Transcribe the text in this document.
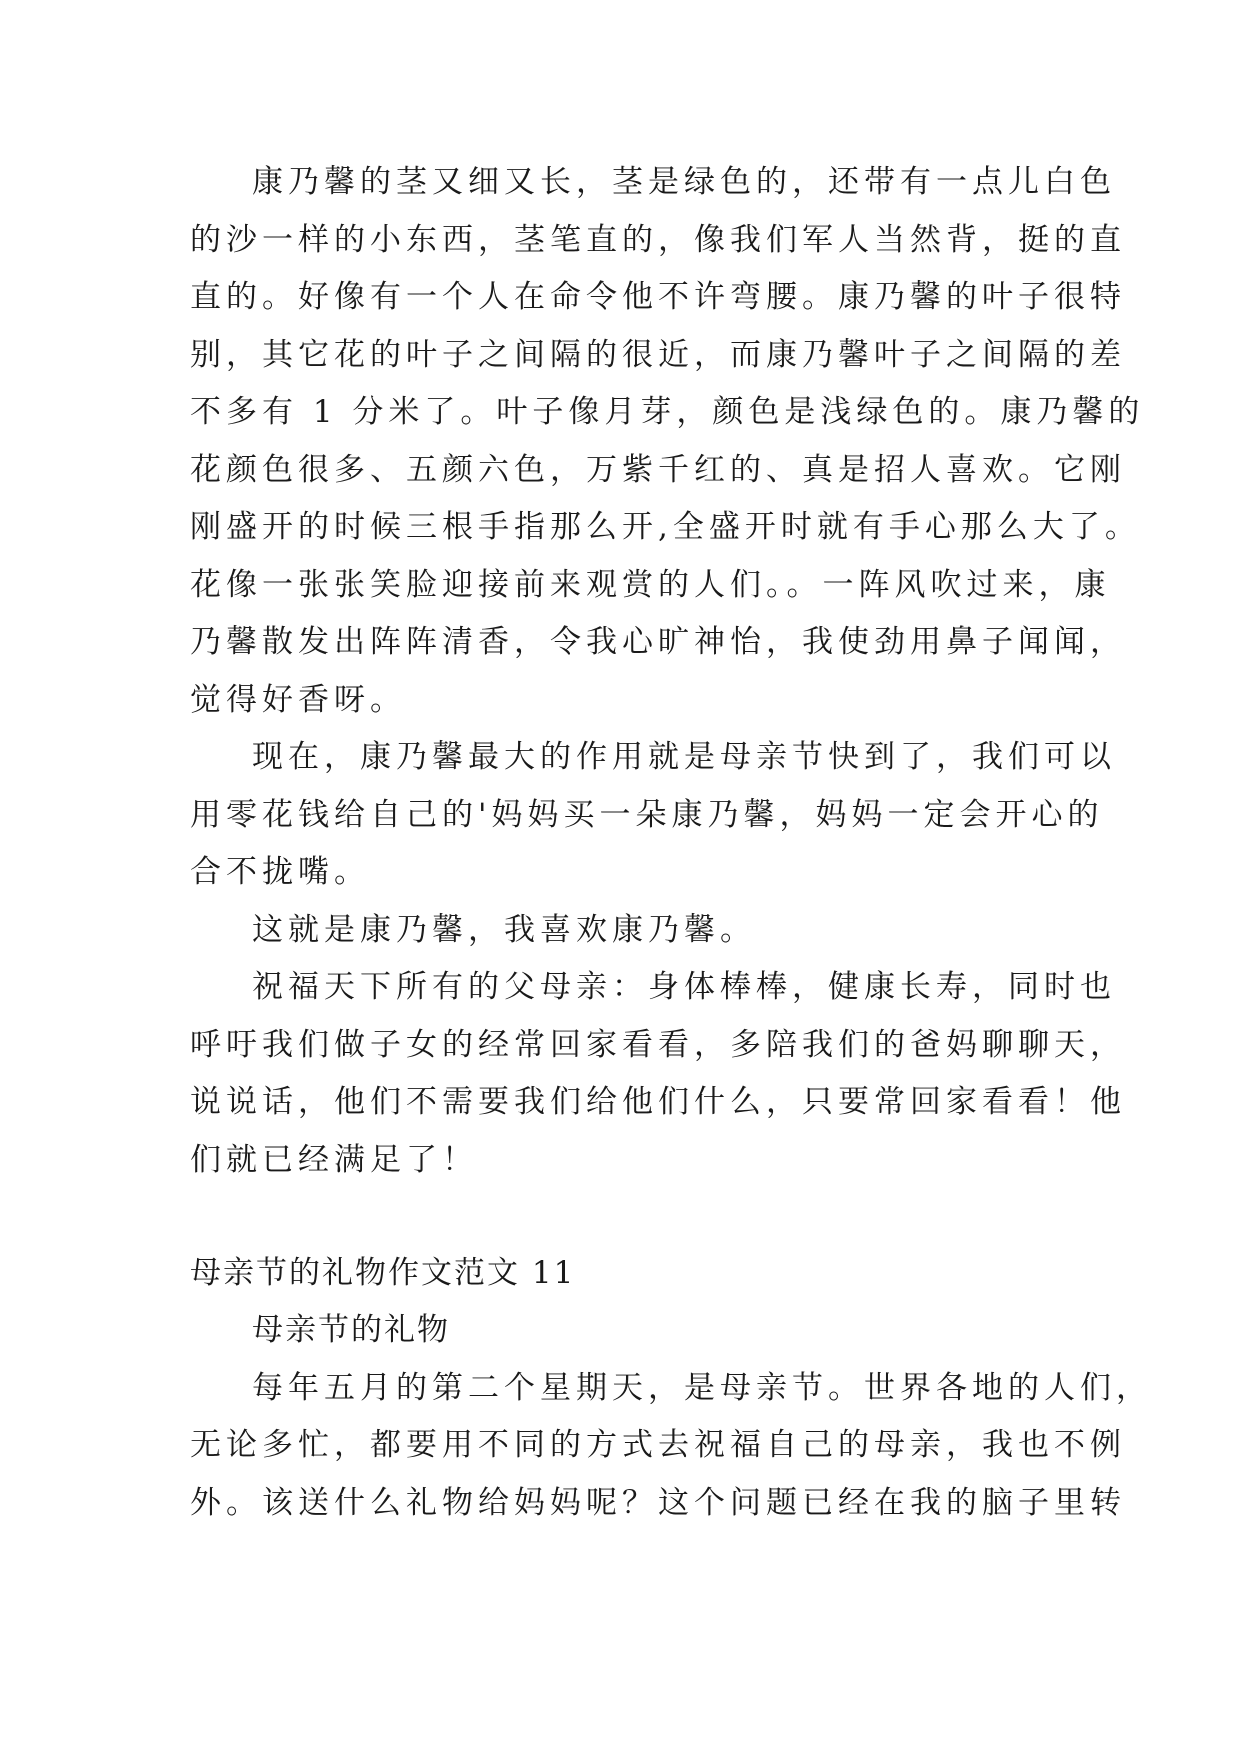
康乃馨的茎又细又长，茎是绿色的，还带有一点儿白色
的沙一样的小东西，茎笔直的，像我们军人当然背，挺的直
直的。好像有一个人在命令他不许弯腰。康乃馨的叶子很特
别，其它花的叶子之间隔的很近，而康乃馨叶子之间隔的差
不多有 1 分米了。叶子像月芽，颜色是浅绿色的。康乃馨的
花颜色很多、五颜六色，万紫千红的、真是招人喜欢。它刚
刚盛开的时候三根手指那么开,全盛开时就有手心那么大了。
花像一张张笑脸迎接前来观赏的人们。。一阵风吹过来，康
乃馨散发出阵阵清香，令我心旷神怡，我使劲用鼻子闻闻，
觉得好香呀。
现在，康乃馨最大的作用就是母亲节快到了，我们可以
用零花钱给自己的'妈妈买一朵康乃馨，妈妈一定会开心的
合不拢嘴。
这就是康乃馨，我喜欢康乃馨。
祝福天下所有的父母亲：身体棒棒，健康长寿，同时也
呼吁我们做子女的经常回家看看，多陪我们的爸妈聊聊天，
说说话，他们不需要我们给他们什么，只要常回家看看！他
们就已经满足了！
母亲节的礼物作文范文 11
母亲节的礼物
每年五月的第二个星期天，是母亲节。世界各地的人们，
无论多忙，都要用不同的方式去祝福自己的母亲，我也不例
外。该送什么礼物给妈妈呢？这个问题已经在我的脑子里转
